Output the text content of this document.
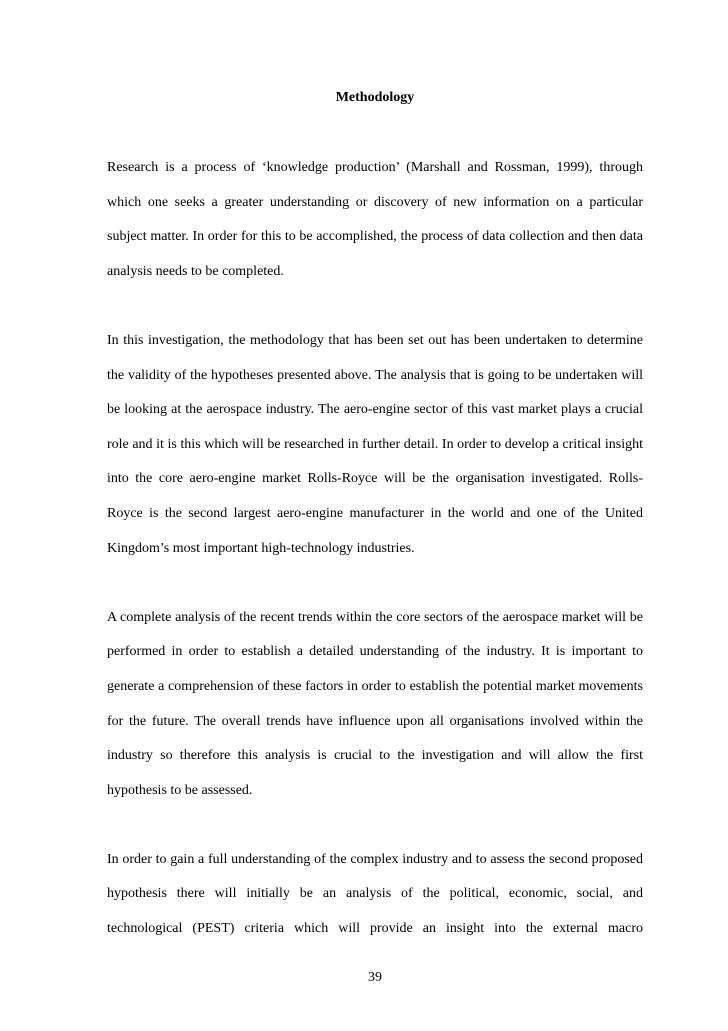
Methodology

Research is a process of ‘knowledge production’ (Marshall and Rossman, 1999), through which one seeks a greater understanding or discovery of new information on a particular subject matter. In order for this to be accomplished, the process of data collection and then data analysis needs to be completed.

In this investigation, the methodology that has been set out has been undertaken to determine the validity of the hypotheses presented above. The analysis that is going to be undertaken will be looking at the aerospace industry. The aero-engine sector of this vast market plays a crucial role and it is this which will be researched in further detail. In order to develop a critical insight into the core aero-engine market Rolls-Royce will be the organisation investigated. Rolls-Royce is the second largest aero-engine manufacturer in the world and one of the United Kingdom’s most important high-technology industries.

A complete analysis of the recent trends within the core sectors of the aerospace market will be performed in order to establish a detailed understanding of the industry. It is important to generate a comprehension of these factors in order to establish the potential market movements for the future. The overall trends have influence upon all organisations involved within the industry so therefore this analysis is crucial to the investigation and will allow the first hypothesis to be assessed.

In order to gain a full understanding of the complex industry and to assess the second proposed hypothesis there will initially be an analysis of the political, economic, social, and technological (PEST) criteria which will provide an insight into the external macro

39
